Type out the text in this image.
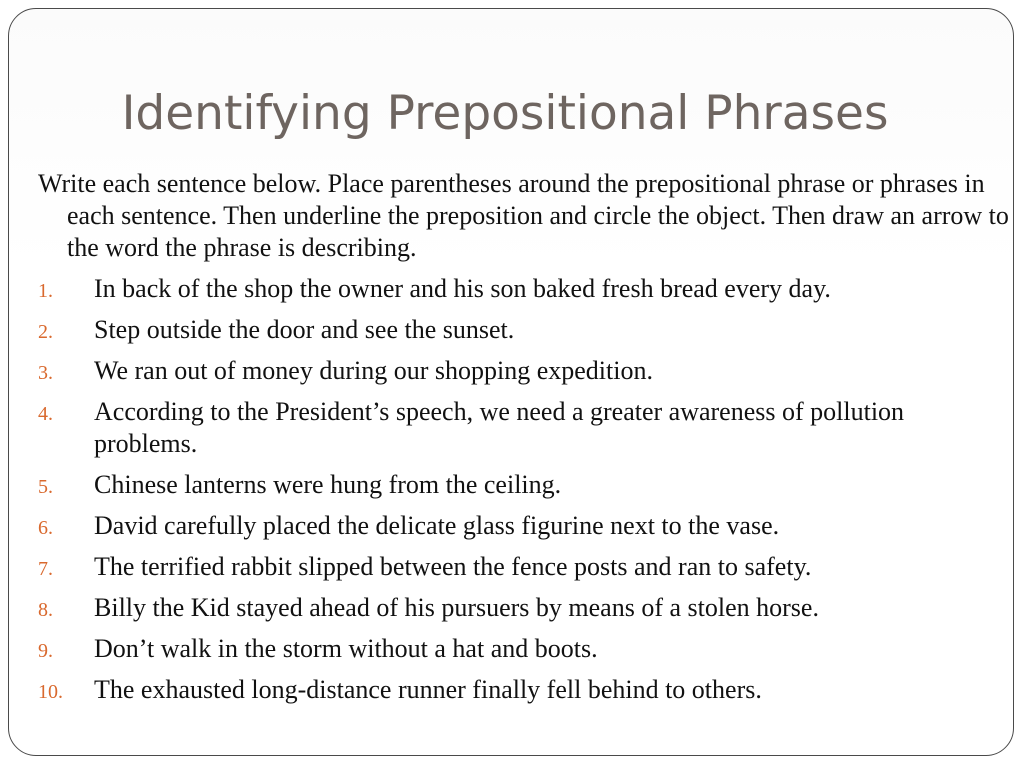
Identifying Prepositional Phrases
Write each sentence below. Place parentheses around the prepositional phrase or phrases in each sentence. Then underline the preposition and circle the object. Then draw an arrow to the word the phrase is describing.
1. In back of the shop the owner and his son baked fresh bread every day.
2. Step outside the door and see the sunset.
3. We ran out of money during our shopping expedition.
4. According to the President’s speech, we need a greater awareness of pollution problems.
5. Chinese lanterns were hung from the ceiling.
6. David carefully placed the delicate glass figurine next to the vase.
7. The terrified rabbit slipped between the fence posts and ran to safety.
8. Billy the Kid stayed ahead of his pursuers by means of a stolen horse.
9. Don’t walk in the storm without a hat and boots.
10. The exhausted long-distance runner finally fell behind to others.
